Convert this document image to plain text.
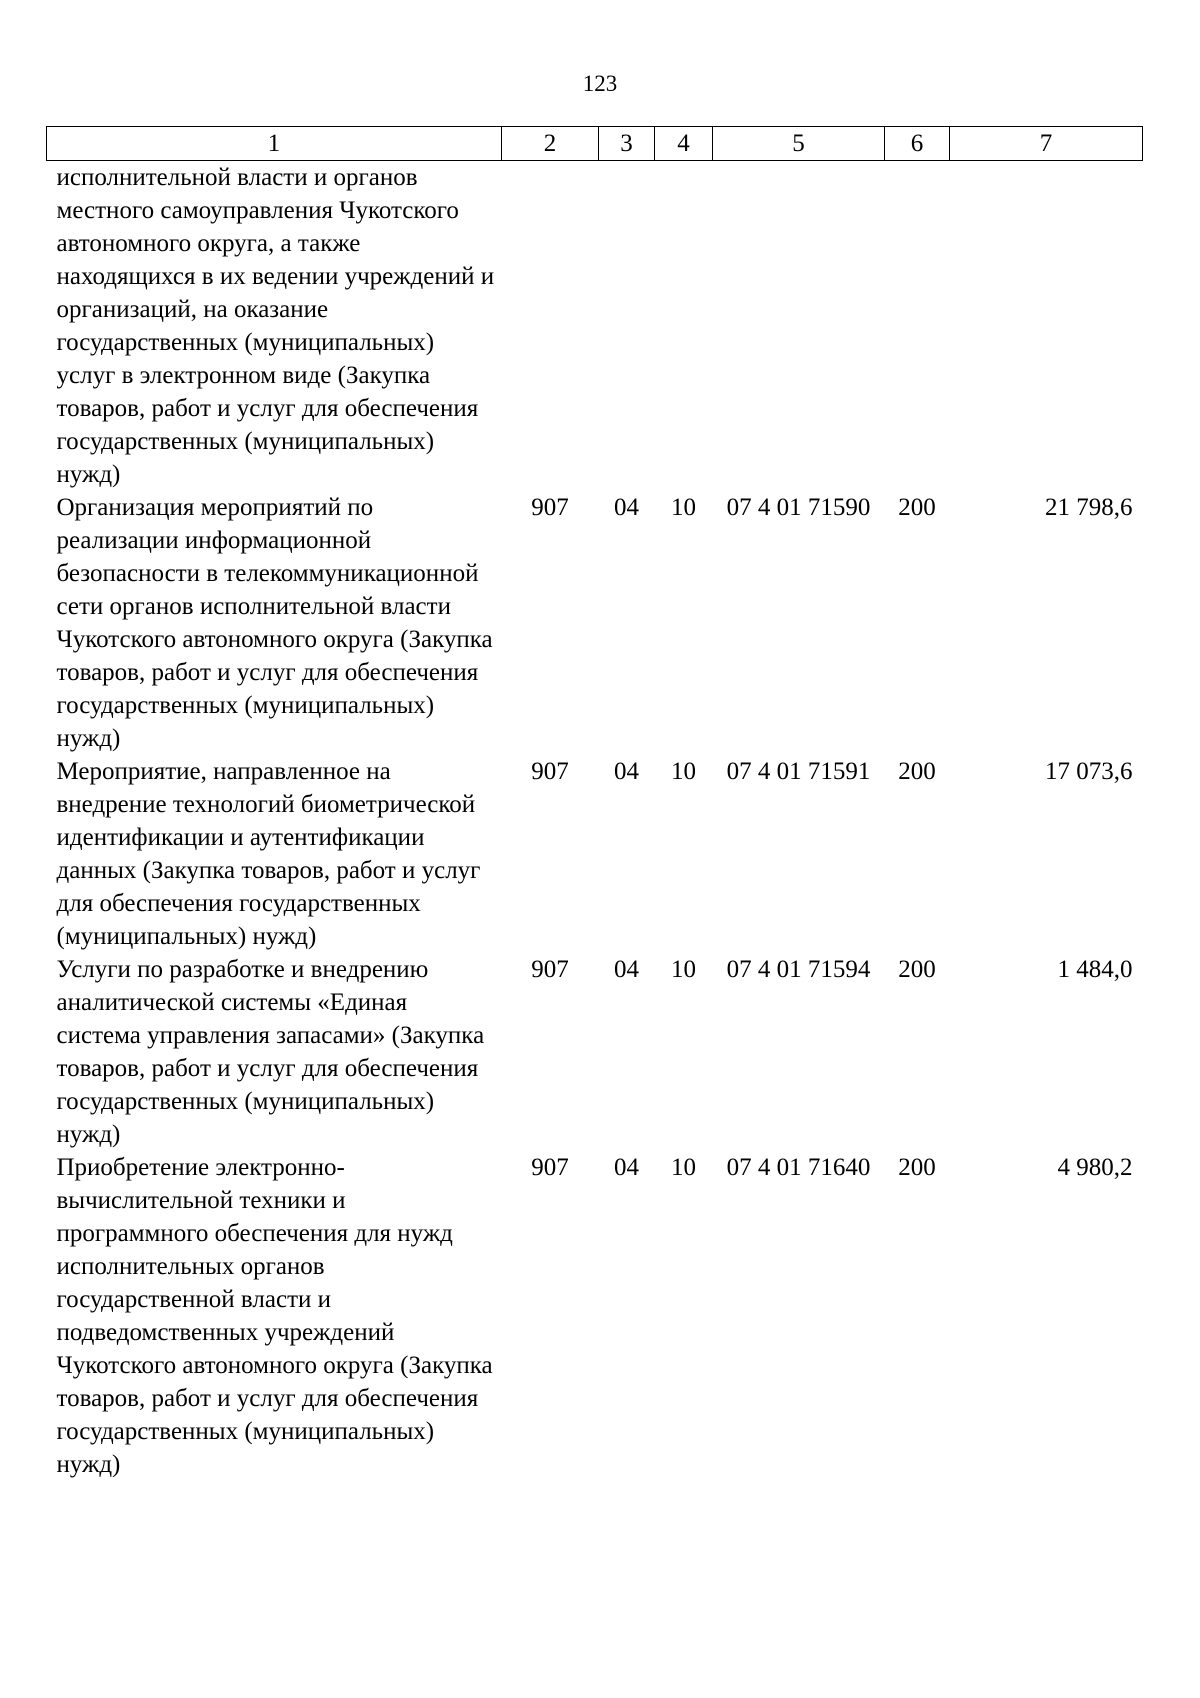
123
1	2	3	4	5	6	7
исполнительной власти и органов местного самоуправления Чукотского автономного округа, а также находящихся в их ведении учреждений и организаций, на оказание государственных (муниципальных) услуг в электронном виде (Закупка товаров, работ и услуг для обеспечения государственных (муниципальных) нужд)						
Организация мероприятий по реализации информационной безопасности в телекоммуникационной сети органов исполнительной власти Чукотского автономного округа (Закупка товаров, работ и услуг для обеспечения государственных (муниципальных) нужд)	907	04	10	07 4 01 71590	200	21 798,6
Мероприятие, направленное на внедрение технологий биометрической идентификации и аутентификации данных (Закупка товаров, работ и услуг для обеспечения государственных (муниципальных) нужд)	907	04	10	07 4 01 71591	200	17 073,6
Услуги по разработке и внедрению аналитической системы «Единая система управления запасами» (Закупка товаров, работ и услуг для обеспечения государственных (муниципальных) нужд)	907	04	10	07 4 01 71594	200	1 484,0
Приобретение электронно-вычислительной техники и программного обеспечения для нужд исполнительных органов государственной власти и подведомственных учреждений Чукотского автономного округа (Закупка товаров, работ и услуг для обеспечения государственных (муниципальных) нужд)	907	04	10	07 4 01 71640	200	4 980,2
